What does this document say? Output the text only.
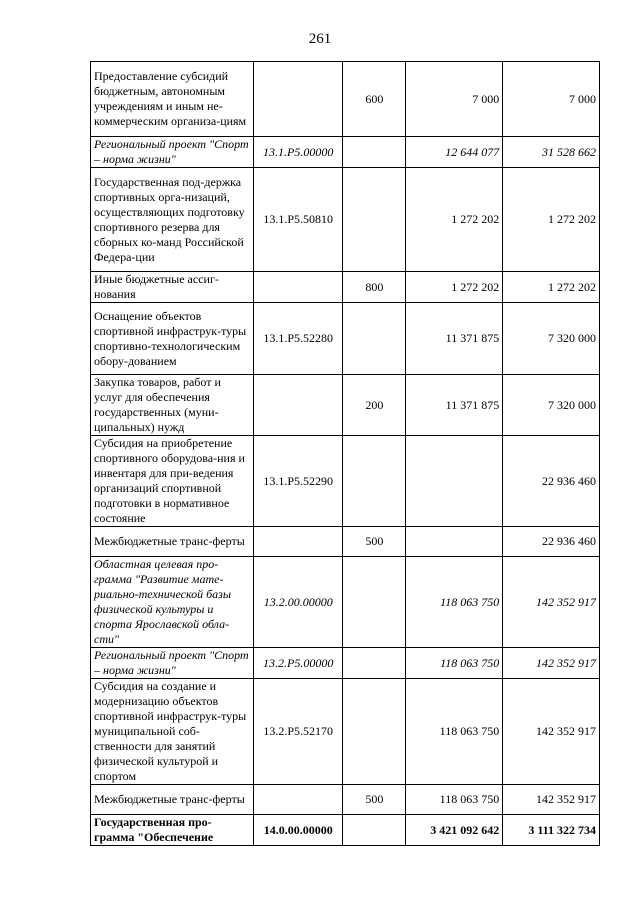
261
Предоставление субсидий бюджетным, автономным учреждениям и иным не-коммерческим организа-циям		600	7 000	7 000
Региональный проект "Спорт – норма жизни"	13.1.P5.00000		12 644 077	31 528 662
Государственная под-держка спортивных орга-низаций, осуществляющих подготовку спортивного резерва для сборных ко-манд Российской Федера-ции	13.1.P5.50810		1 272 202	1 272 202
Иные бюджетные ассиг-нования		800	1 272 202	1 272 202
Оснащение объектов спортивной инфраструк-туры спортивно-технологическим обору-дованием	13.1.P5.52280		11 371 875	7 320 000
Закупка товаров, работ и услуг для обеспечения государственных (муни-ципальных) нужд		200	11 371 875	7 320 000
Субсидия на приобретение спортивного оборудова-ния и инвентаря для при-ведения организаций спортивной подготовки в нормативное состояние	13.1.P5.52290			22 936 460
Межбюджетные транс-ферты		500		22 936 460
Областная целевая про-грамма "Развитие мате-риально-технической базы физической культуры и спорта Ярославской обла-сти"	13.2.00.00000		118 063 750	142 352 917
Региональный проект "Спорт – норма жизни"	13.2.P5.00000		118 063 750	142 352 917
Субсидия на создание и модернизацию объектов спортивной инфраструк-туры муниципальной соб-ственности для занятий физической культурой и спортом	13.2.P5.52170		118 063 750	142 352 917
Межбюджетные транс-ферты		500	118 063 750	142 352 917
Государственная про-грамма "Обеспечение	14.0.00.00000		3 421 092 642	3 111 322 734
